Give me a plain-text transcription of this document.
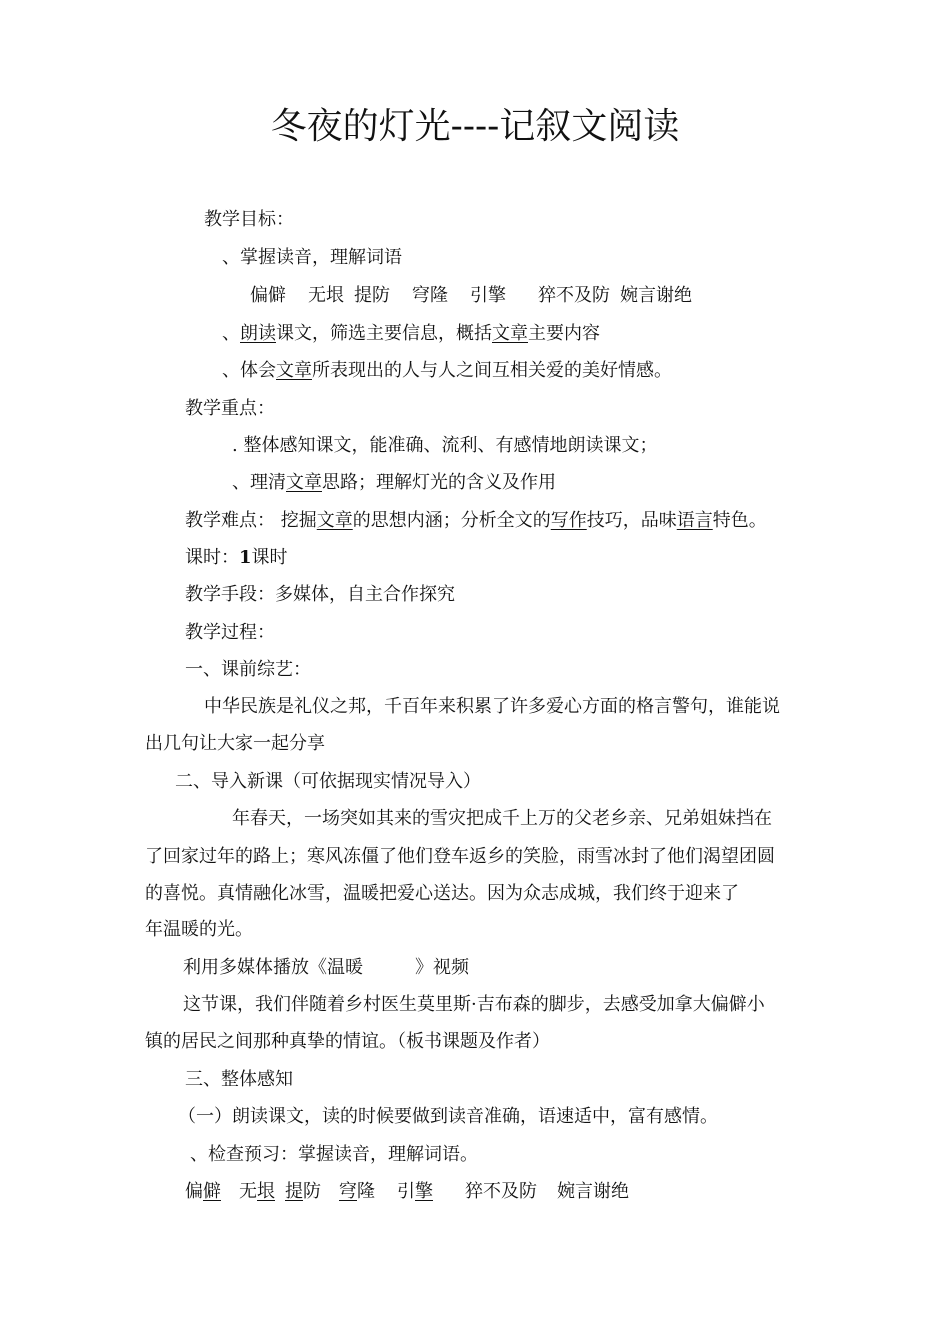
冬夜的灯光----记叙文阅读
教学目标：
、掌握读音，理解词语
偏僻 无垠 提防 穹隆 引擎 猝不及防 婉言谢绝
、朗读课文，筛选主要信息，概括文章主要内容
、体会文章所表现出的人与人之间互相关爱的美好情感。
教学重点：
. 整体感知课文，能准确、流利、有感情地朗读课文；
、理清文章思路；理解灯光的含义及作用
教学难点： 挖掘文章的思想内涵；分析全文的写作技巧，品味语言特色。
课时：1课时
教学手段：多媒体，自主合作探究
教学过程：
一、课前综艺：
中华民族是礼仪之邦，千百年来积累了许多爱心方面的格言警句，谁能说
出几句让大家一起分享
二、导入新课（可依据现实情况导入）
年春天，一场突如其来的雪灾把成千上万的父老乡亲、兄弟姐妹挡在
了回家过年的路上；寒风冻僵了他们登车返乡的笑脸，雨雪冰封了他们渴望团圆
的喜悦。真情融化冰雪，温暖把爱心送达。因为众志成城，我们终于迎来了
年温暖的光。
利用多媒体播放《温暖	》视频
这节课，我们伴随着乡村医生莫里斯·吉布森的脚步，去感受加拿大偏僻小
镇的居民之间那种真挚的情谊。（板书课题及作者）
三、整体感知
（一）朗读课文，读的时候要做到读音准确，语速适中，富有感情。
、检查预习：掌握读音，理解词语。
偏僻 无垠 提防 穹隆 引擎 猝不及防 婉言谢绝
